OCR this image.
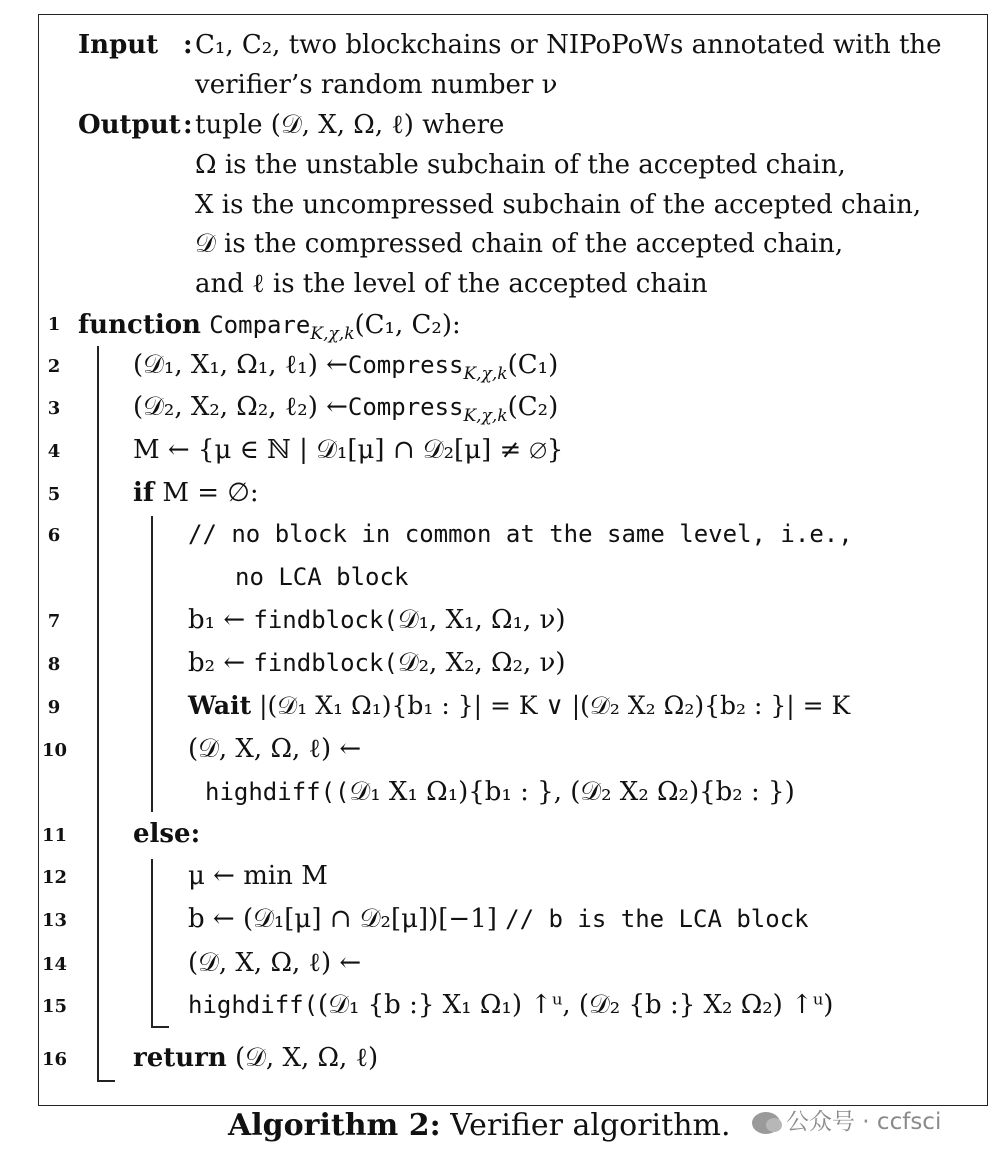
Input : C₁, C₂, two blockchains or NIPoPoWs annotated with the
verifier’s random number ν
Output : tuple (𝒟, X, Ω, ℓ) where
Ω is the unstable subchain of the accepted chain,
X is the uncompressed subchain of the accepted chain,
𝒟 is the compressed chain of the accepted chain,
and ℓ is the level of the accepted chain
1
2
3
4
5
6
7
8
9
10
11
12
13
14
15
16
function Compare$_{K,\chi,k}$(C₁, C₂):
(𝒟₁, X₁, Ω₁, ℓ₁) ←Compress$_{K,\chi,k}$(C₁)
(𝒟₂, X₂, Ω₂, ℓ₂) ←Compress$_{K,\chi,k}$(C₂)
M ← {μ ∈ ℕ | 𝒟₁[μ] ∩ 𝒟₂[μ] ≠ ∅}
if M = ∅:
// no block in common at the same level, i.e.,
no LCA block
b₁ ← findblock(𝒟₁, X₁, Ω₁, ν)
b₂ ← findblock(𝒟₂, X₂, Ω₂, ν)
Wait |(𝒟₁ X₁ Ω₁){b₁ : }| = K ∨ |(𝒟₂ X₂ Ω₂){b₂ : }| = K
(𝒟, X, Ω, ℓ) ←
highdiff((𝒟₁ X₁ Ω₁){b₁ : }, (𝒟₂ X₂ Ω₂){b₂ : })
else:
μ ← min M
b ← (𝒟₁[μ] ∩ 𝒟₂[μ])[−1] // b is the LCA block
(𝒟, X, Ω, ℓ) ←
highdiff((𝒟₁ {b :} X₁ Ω₁) ↑ᵘ, (𝒟₂ {b :} X₂ Ω₂) ↑ᵘ)
return (𝒟, X, Ω, ℓ)
Algorithm 2: Verifier algorithm.	公众号 · ccfsci
